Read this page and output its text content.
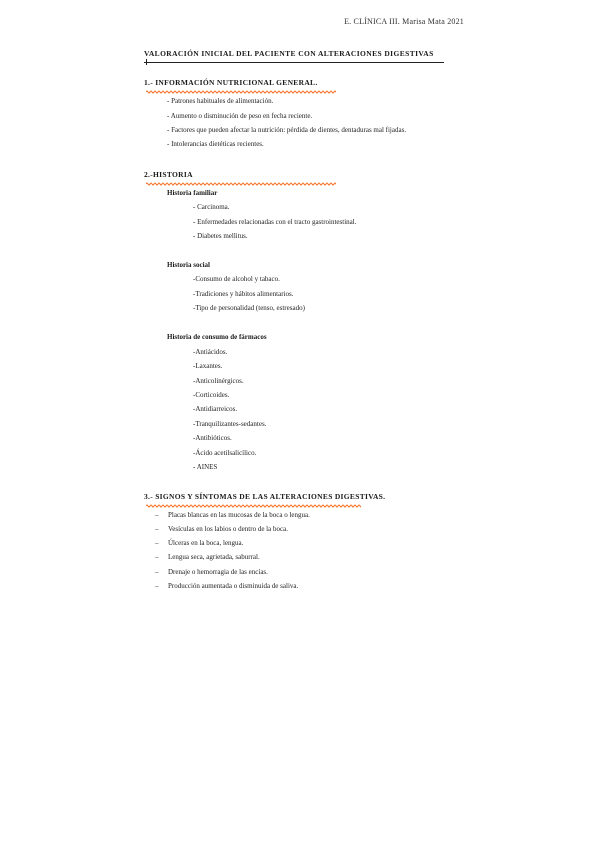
E. CLÍNICA III. Marisa Mata 2021
VALORACIÓN INICIAL DEL PACIENTE CON ALTERACIONES DIGESTIVAS
1.- INFORMACIÓN NUTRICIONAL GENERAL.
- Patrones habituales de alimentación.
- Aumento o disminución de peso en fecha reciente.
- Factores que pueden afectar la nutrición: pérdida de dientes, dentaduras mal fijadas.
- Intolerancias dietéticas recientes.
2.-HISTORIA
Historia familiar
- Carcinoma.
- Enfermedades relacionadas con el tracto gastrointestinal.
- Diabetes mellitus.
Historia social
-Consumo de alcohol y tabaco.
-Tradiciones y hábitos alimentarios.
-Tipo de personalidad (tenso, estresado)
Historia de consumo de fármacos
-Antiácidos.
-Laxantes.
-Anticolinérgicos.
-Corticoides.
-Antidiarreicos.
-Tranquilizantes-sedantes.
-Antibióticos.
-Ácido acetilsalicílico.
- AINES
3.- SIGNOS Y SÍNTOMAS DE LAS ALTERACIONES DIGESTIVAS.
– Placas blancas en las mucosas de la boca o lengua.
– Vesículas en los labios o dentro de la boca.
– Úlceras en la boca, lengua.
– Lengua seca, agrietada, saburral.
– Drenaje o hemorragia de las encías.
– Producción aumentada o disminuida de saliva.
